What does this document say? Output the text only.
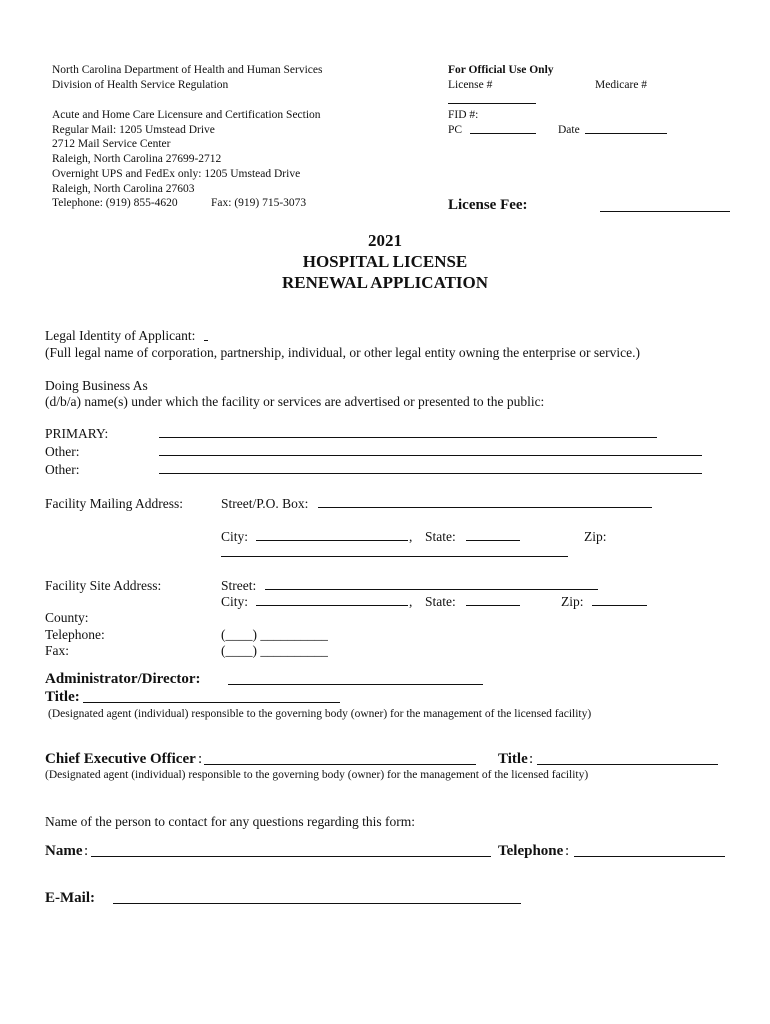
North Carolina Department of Health and Human Services
Division of Health Service Regulation
Acute and Home Care Licensure and Certification Section
Regular Mail: 1205 Umstead Drive
2712 Mail Service Center
Raleigh, North Carolina 27699-2712
Overnight UPS and FedEx only: 1205 Umstead Drive
Raleigh, North Carolina 27603
Telephone: (919) 855-4620	Fax: (919) 715-3073
For Official Use Only
License #	Medicare #
FID #:
PC	Date
License Fee:
2021
HOSPITAL LICENSE
RENEWAL APPLICATION
Legal Identity of Applicant:
(Full legal name of corporation, partnership, individual, or other legal entity owning the enterprise or service.)
Doing Business As
(d/b/a) name(s) under which the facility or services are advertised or presented to the public:
PRIMARY:
Other:
Other:
Facility Mailing Address:	Street/P.O. Box:
City:	, State:	Zip:
Facility Site Address:	Street:
City:	, State:	Zip:
County:
Telephone:	(____) __________
Fax:	(____) __________
Administrator/Director:
Title:
(Designated agent (individual) responsible to the governing body (owner) for the management of the licensed facility)
Chief Executive Officer :	Title :
(Designated agent (individual) responsible to the governing body (owner) for the management of the licensed facility)
Name of the person to contact for any questions regarding this form:
Name :	Telephone :
E-Mail:
